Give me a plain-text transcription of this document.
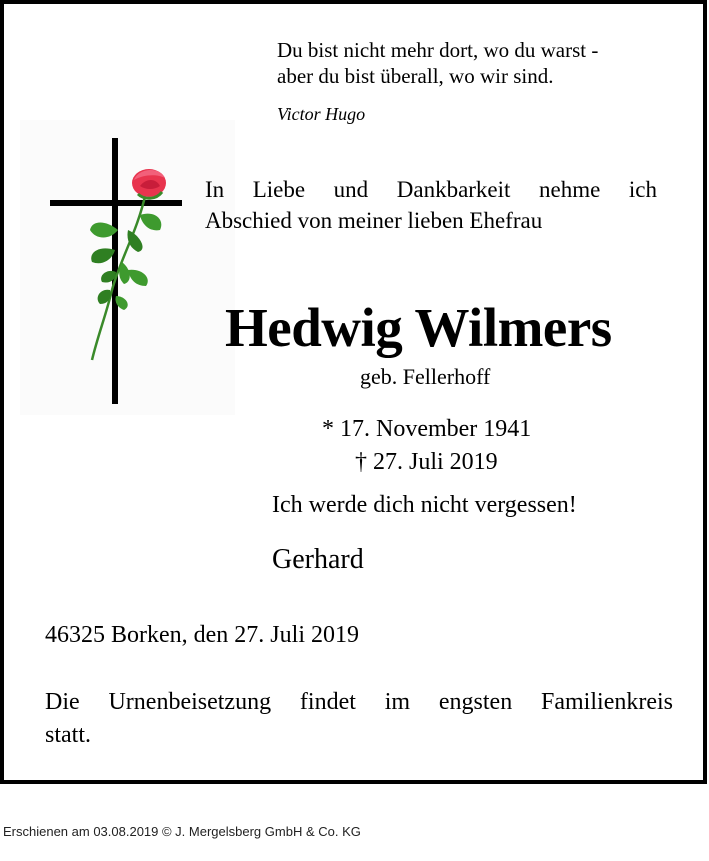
Du bist nicht mehr dort, wo du warst -
aber du bist überall, wo wir sind.
Victor Hugo
In Liebe und Dankbarkeit nehme ich
Abschied von meiner lieben Ehefrau
Hedwig Wilmers
geb. Fellerhoff
* 17. November 1941
† 27. Juli 2019
Ich werde dich nicht vergessen!
Gerhard
46325 Borken, den 27. Juli 2019
Die Urnenbeisetzung findet im engsten Familienkreis
statt.
Erschienen am 03.08.2019 © J. Mergelsberg GmbH & Co. KG
